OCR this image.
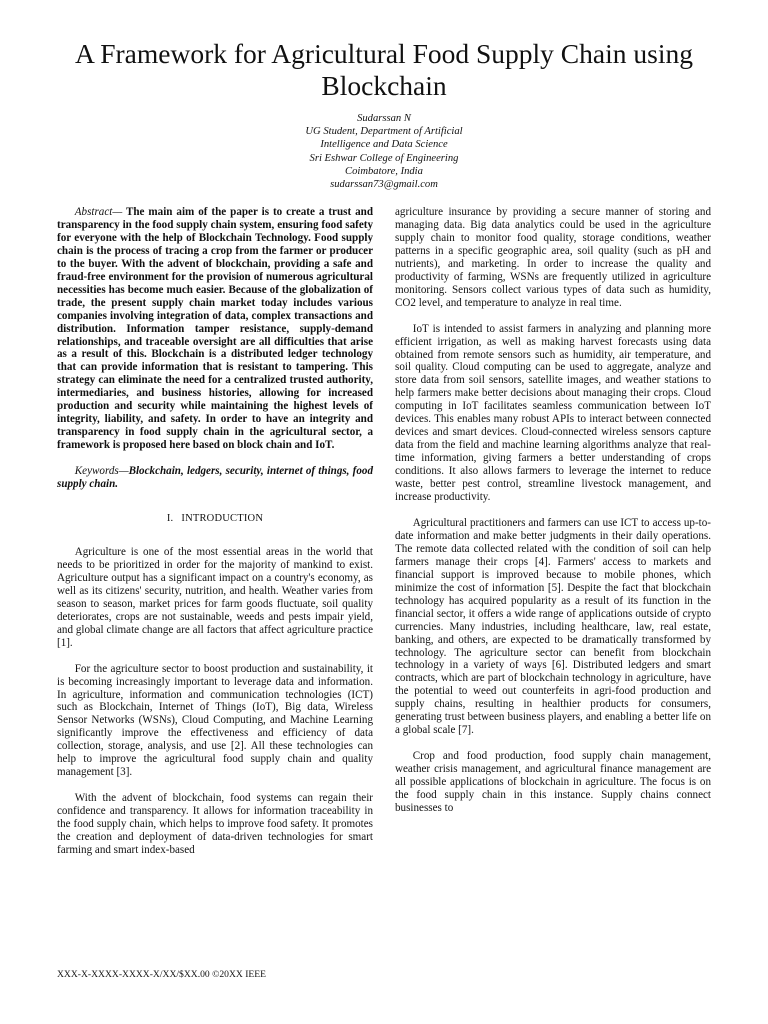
A Framework for Agricultural Food Supply Chain using Blockchain
Sudarssan N
UG Student, Department of Artificial
Intelligence and Data Science
Sri Eshwar College of Engineering
Coimbatore, India
sudarssan73@gmail.com

Abstract— The main aim of the paper is to create a trust and transparency in the food supply chain system, ensuring food safety for everyone with the help of Blockchain Technology. Food supply chain is the process of tracing a crop from the farmer or producer to the buyer. With the advent of blockchain, providing a safe and fraud-free environment for the provision of numerous agricultural necessities has become much easier. Because of the globalization of trade, the present supply chain market today includes various companies involving integration of data, complex transactions and distribution. Information tamper resistance, supply-demand relationships, and traceable oversight are all difficulties that arise as a result of this. Blockchain is a distributed ledger technology that can provide information that is resistant to tampering. This strategy can eliminate the need for a centralized trusted authority, intermediaries, and business histories, allowing for increased production and security while maintaining the highest levels of integrity, liability, and safety. In order to have an integrity and transparency in food supply chain in the agricultural sector, a framework is proposed here based on block chain and IoT.

Keywords—Blockchain, ledgers, security, internet of things, food supply chain.

I. INTRODUCTION

Agriculture is one of the most essential areas in the world that needs to be prioritized in order for the majority of mankind to exist. Agriculture output has a significant impact on a country's economy, as well as its citizens' security, nutrition, and health. Weather varies from season to season, market prices for farm goods fluctuate, soil quality deteriorates, crops are not sustainable, weeds and pests impair yield, and global climate change are all factors that affect agriculture practice [1].

For the agriculture sector to boost production and sustainability, it is becoming increasingly important to leverage data and information. In agriculture, information and communication technologies (ICT) such as Blockchain, Internet of Things (IoT), Big data, Wireless Sensor Networks (WSNs), Cloud Computing, and Machine Learning significantly improve the effectiveness and efficiency of data collection, storage, analysis, and use [2]. All these technologies can help to improve the agricultural food supply chain and quality management [3].

With the advent of blockchain, food systems can regain their confidence and transparency. It allows for information traceability in the food supply chain, which helps to improve food safety. It promotes the creation and deployment of data-driven technologies for smart farming and smart index-based

agriculture insurance by providing a secure manner of storing and managing data. Big data analytics could be used in the agriculture supply chain to monitor food quality, storage conditions, weather patterns in a specific geographic area, soil quality (such as pH and nutrients), and marketing. In order to increase the quality and productivity of farming, WSNs are frequently utilized in agriculture monitoring. Sensors collect various types of data such as humidity, CO2 level, and temperature to analyze in real time.

IoT is intended to assist farmers in analyzing and planning more efficient irrigation, as well as making harvest forecasts using data obtained from remote sensors such as humidity, air temperature, and soil quality. Cloud computing can be used to aggregate, analyze and store data from soil sensors, satellite images, and weather stations to help farmers make better decisions about managing their crops. Cloud computing in IoT facilitates seamless communication between IoT devices. This enables many robust APIs to interact between connected devices and smart devices. Cloud-connected wireless sensors capture data from the field and machine learning algorithms analyze that real-time information, giving farmers a better understanding of crops conditions. It also allows farmers to leverage the internet to reduce waste, better pest control, streamline livestock management, and increase productivity.

Agricultural practitioners and farmers can use ICT to access up-to-date information and make better judgments in their daily operations. The remote data collected related with the condition of soil can help farmers manage their crops [4]. Farmers' access to markets and financial support is improved because to mobile phones, which minimize the cost of information [5]. Despite the fact that blockchain technology has acquired popularity as a result of its function in the financial sector, it offers a wide range of applications outside of crypto currencies. Many industries, including healthcare, law, real estate, banking, and others, are expected to be dramatically transformed by technology. The agriculture sector can benefit from blockchain technology in a variety of ways [6]. Distributed ledgers and smart contracts, which are part of blockchain technology in agriculture, have the potential to weed out counterfeits in agri-food production and supply chains, resulting in healthier products for consumers, generating trust between business players, and enabling a better life on a global scale [7].

Crop and food production, food supply chain management, weather crisis management, and agricultural finance management are all possible applications of blockchain in agriculture. The focus is on the food supply chain in this instance. Supply chains connect businesses to

XXX-X-XXXX-XXXX-X/XX/$XX.00 ©20XX IEEE
